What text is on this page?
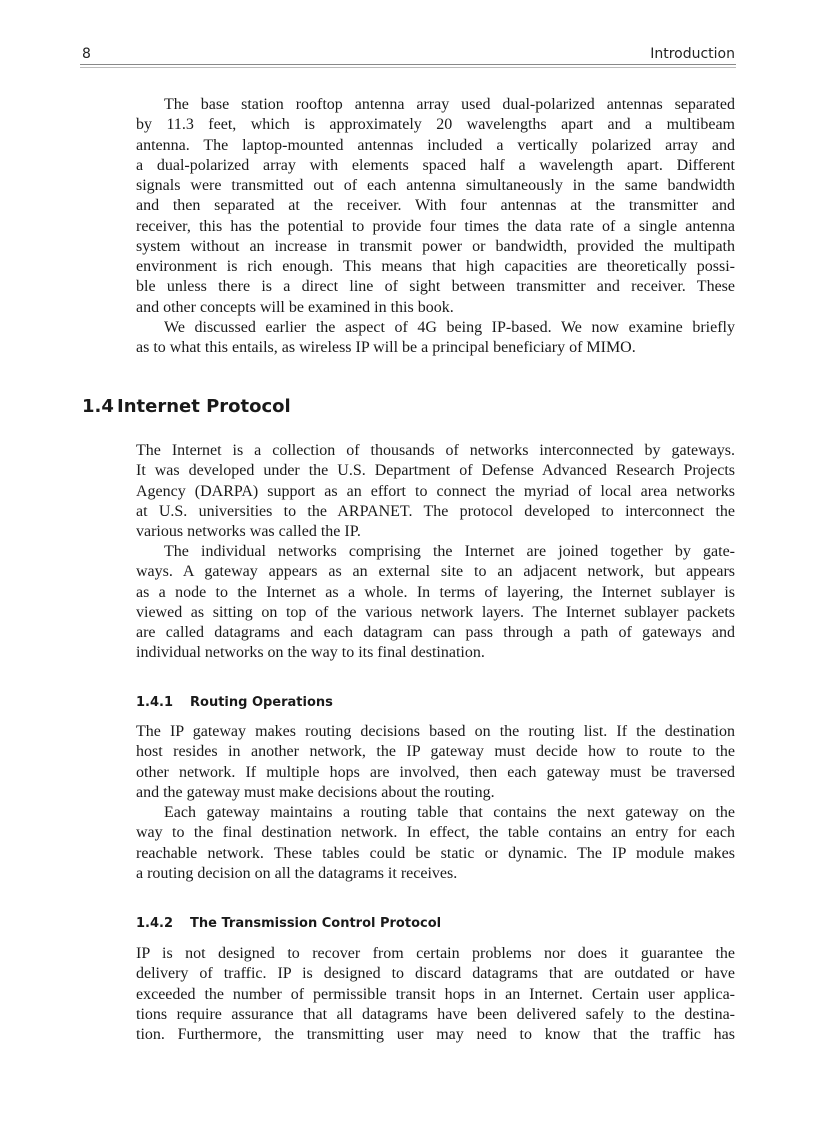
8	Introduction
The base station rooftop antenna array used dual-polarized antennas separated
by 11.3 feet, which is approximately 20 wavelengths apart and a multibeam
antenna. The laptop-mounted antennas included a vertically polarized array and
a dual-polarized array with elements spaced half a wavelength apart. Different
signals were transmitted out of each antenna simultaneously in the same bandwidth
and then separated at the receiver. With four antennas at the transmitter and
receiver, this has the potential to provide four times the data rate of a single antenna
system without an increase in transmit power or bandwidth, provided the multipath
environment is rich enough. This means that high capacities are theoretically possi-
ble unless there is a direct line of sight between transmitter and receiver. These
and other concepts will be examined in this book.
We discussed earlier the aspect of 4G being IP-based. We now examine briefly
as to what this entails, as wireless IP will be a principal beneficiary of MIMO.
1.4 Internet Protocol
The Internet is a collection of thousands of networks interconnected by gateways.
It was developed under the U.S. Department of Defense Advanced Research Projects
Agency (DARPA) support as an effort to connect the myriad of local area networks
at U.S. universities to the ARPANET. The protocol developed to interconnect the
various networks was called the IP.
The individual networks comprising the Internet are joined together by gate-
ways. A gateway appears as an external site to an adjacent network, but appears
as a node to the Internet as a whole. In terms of layering, the Internet sublayer is
viewed as sitting on top of the various network layers. The Internet sublayer packets
are called datagrams and each datagram can pass through a path of gateways and
individual networks on the way to its final destination.
1.4.1 Routing Operations
The IP gateway makes routing decisions based on the routing list. If the destination
host resides in another network, the IP gateway must decide how to route to the
other network. If multiple hops are involved, then each gateway must be traversed
and the gateway must make decisions about the routing.
Each gateway maintains a routing table that contains the next gateway on the
way to the final destination network. In effect, the table contains an entry for each
reachable network. These tables could be static or dynamic. The IP module makes
a routing decision on all the datagrams it receives.
1.4.2 The Transmission Control Protocol
IP is not designed to recover from certain problems nor does it guarantee the
delivery of traffic. IP is designed to discard datagrams that are outdated or have
exceeded the number of permissible transit hops in an Internet. Certain user applica-
tions require assurance that all datagrams have been delivered safely to the destina-
tion. Furthermore, the transmitting user may need to know that the traffic has
